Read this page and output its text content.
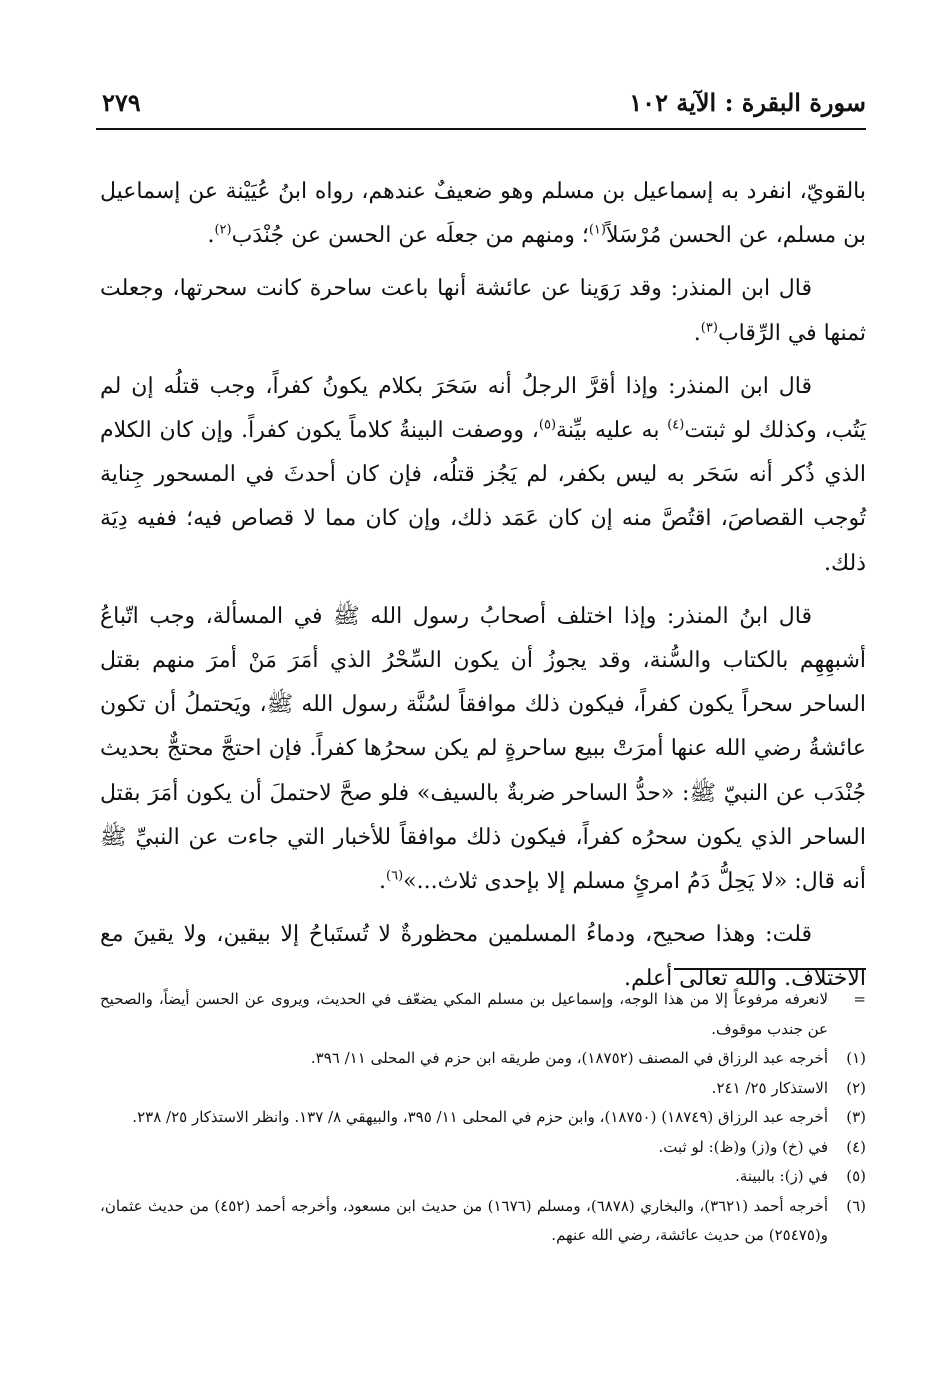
سورة البقرة : الآية ١٠٢
٢٧٩

بالقويّ، انفرد به إسماعيل بن مسلم وهو ضعيفٌ عندهم، رواه ابنُ عُيَيْنة عن إسماعيل بن مسلم، عن الحسن مُرْسَلاً$^{(١)}$؛ ومنهم من جعلَه عن الحسن عن جُنْدَب$^{(٢)}$.

قال ابن المنذر: وقد رَوَينا عن عائشة أنها باعت ساحرة كانت سحرتها، وجعلت ثمنها في الرِّقاب$^{(٣)}$.

قال ابن المنذر: وإذا أقرَّ الرجلُ أنه سَحَرَ بكلام يكونُ كفراً، وجب قتلُه إن لم يَتُب، وكذلك لو ثبتت$^{(٤)}$ به عليه بيِّنة$^{(٥)}$، ووصفت البينةُ كلاماً يكون كفراً. وإن كان الكلام الذي ذُكر أنه سَحَر به ليس بكفر، لم يَجُز قتلُه، فإن كان أحدثَ في المسحور جِناية تُوجب القصاصَ، اقتُصَّ منه إن كان عَمَد ذلك، وإن كان مما لا قصاص فيه؛ ففيه دِيَة ذلك.

قال ابنُ المنذر: وإذا اختلف أصحابُ رسول الله ﷺ في المسألة، وجب اتّباعُ أشبهِهِم بالكتاب والسُّنة، وقد يجوزُ أن يكون السِّحْرُ الذي أمَرَ مَنْ أمرَ منهم بقتل الساحر سحراً يكون كفراً، فيكون ذلك موافقاً لسُنَّة رسول الله ﷺ، ويَحتملُ أن تكون عائشةُ رضي الله عنها أمرَتْ ببيع ساحرةٍ لم يكن سحرُها كفراً. فإن احتجَّ محتجٌّ بحديث جُنْدَب عن النبيّ ﷺ: «حدُّ الساحر ضربةٌ بالسيف» فلو صحَّ لاحتملَ أن يكون أمَرَ بقتل الساحر الذي يكون سحرُه كفراً، فيكون ذلك موافقاً للأخبار التي جاءت عن النبيِّ ﷺ أنه قال: «لا يَحِلُّ دَمُ امرئٍ مسلم إلا بإحدى ثلاث...»$^{(٦)}$.

قلت: وهذا صحيح، ودماءُ المسلمين محظورةٌ لا تُستَباحُ إلا بيقين، ولا يقينَ مع الاختلاف. والله تعالى أعلم.

=
لانعرفه مرفوعاً إلا من هذا الوجه، وإسماعيل بن مسلم المكي يضعّف في الحديث، ويروى عن الحسن أيضاً، والصحيح عن جندب موقوف.
(١)
أخرجه عبد الرزاق في المصنف (١٨٧٥٢)، ومن طريقه ابن حزم في المحلى ١١/ ٣٩٦.
(٢)
الاستذكار ٢٥/ ٢٤١.
(٣)
أخرجه عبد الرزاق (١٨٧٤٩) (١٨٧٥٠)، وابن حزم في المحلى ١١/ ٣٩٥، والبيهقي ٨/ ١٣٧. وانظر الاستذكار ٢٥/ ٢٣٨.
(٤)
في (خ) و(ز) و(ظ): لو ثبت.
(٥)
في (ز): بالبينة.
(٦)
أخرجه أحمد (٣٦٢١)، والبخاري (٦٨٧٨)، ومسلم (١٦٧٦) من حديث ابن مسعود، وأخرجه أحمد (٤٥٢) من حديث عثمان، و(٢٥٤٧٥) من حديث عائشة، رضي الله عنهم.
